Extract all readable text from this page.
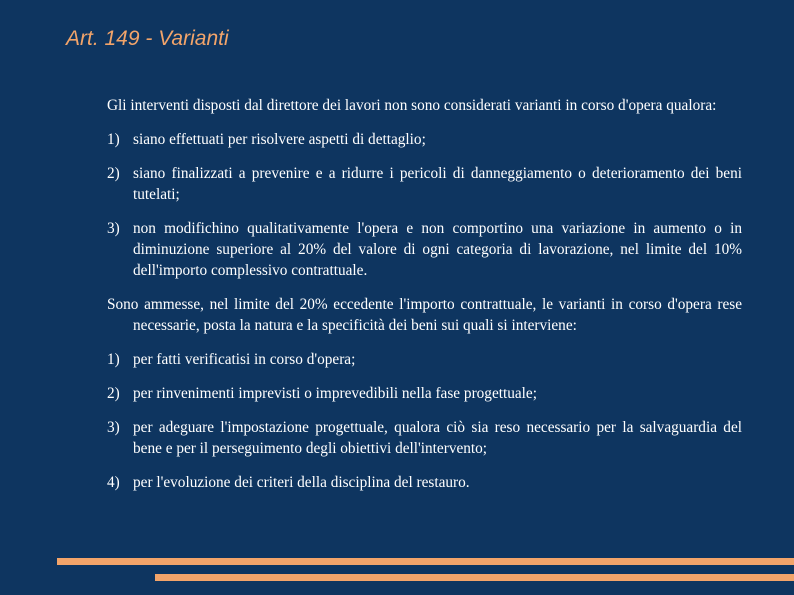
Art. 149 - Varianti

Gli interventi disposti dal direttore dei lavori non sono considerati varianti in corso d'opera qualora:

1) siano effettuati per risolvere aspetti di dettaglio;
2) siano finalizzati a prevenire e a ridurre i pericoli di danneggiamento o deterioramento dei beni tutelati;
3) non modifichino qualitativamente l'opera e non comportino una variazione in aumento o in diminuzione superiore al 20% del valore di ogni categoria di lavorazione, nel limite del 10% dell'importo complessivo contrattuale.

Sono ammesse, nel limite del 20% eccedente l'importo contrattuale, le varianti in corso d'opera rese necessarie, posta la natura e la specificità dei beni sui quali si interviene:

1) per fatti verificatisi in corso d'opera;
2) per rinvenimenti imprevisti o imprevedibili nella fase progettuale;
3) per adeguare l'impostazione progettuale, qualora ciò sia reso necessario per la salvaguardia del bene e per il perseguimento degli obiettivi dell'intervento;
4) per l'evoluzione dei criteri della disciplina del restauro.
